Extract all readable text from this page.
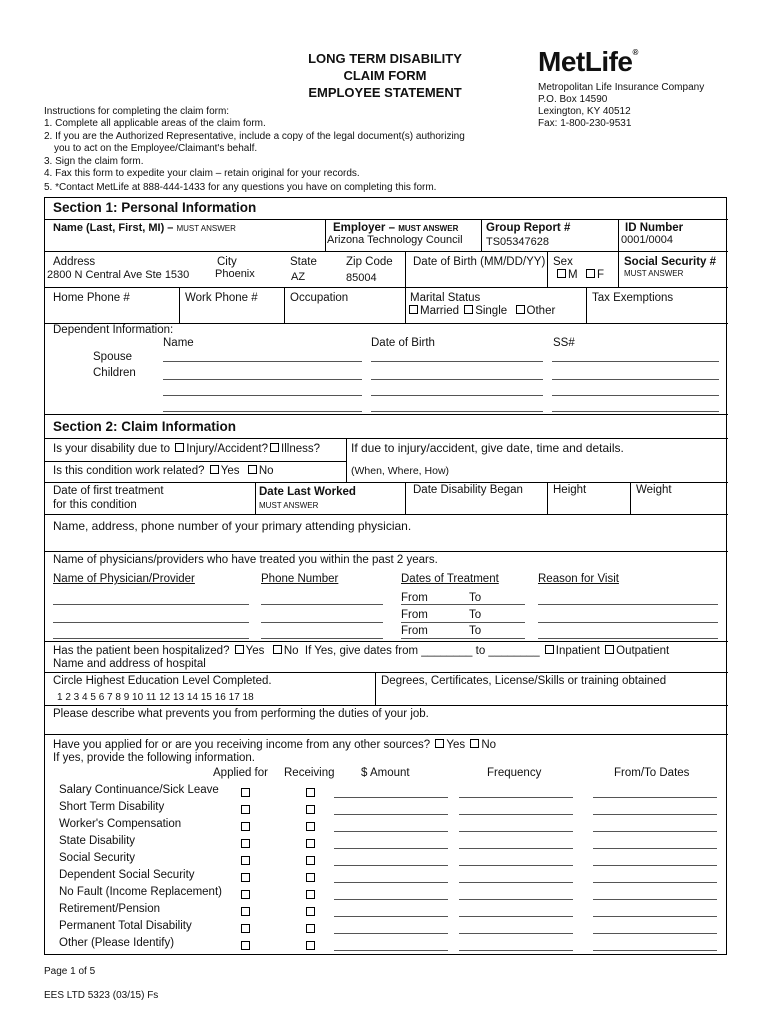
LONG TERM DISABILITY
CLAIM FORM
EMPLOYEE STATEMENT
MetLife®
Metropolitan Life Insurance Company
P.O. Box 14590
Lexington, KY 40512
Fax: 1-800-230-9531
Instructions for completing the claim form:
1. Complete all applicable areas of the claim form.
2. If you are the Authorized Representative, include a copy of the legal document(s) authorizing
you to act on the Employee/Claimant's behalf.
3. Sign the claim form.
4. Fax this form to expedite your claim – retain original for your records.
5. *Contact MetLife at 888-444-1433 for any questions you have on completing this form.
Section 1: Personal Information
Name (Last, First, MI) – MUST ANSWER	Employer – MUST ANSWER
Arizona Technology Council
Group Report #
TS05347628
ID Number
0001/0004
Address
2800 N Central Ave Ste 1530
City
Phoenix
State
AZ
Zip Code
85004
Date of Birth (MM/DD/YY) Sex
M F
Social Security #
MUST ANSWER
Home Phone #	Work Phone #	Occupation	Marital Status
Married Single Other
Tax Exemptions
Dependent Information:
Name	Date of Birth	SS#
Spouse
Children
Section 2: Claim Information
Is your disability due to Injury/Accident? Illness?	If due to injury/accident, give date, time and details.
Is this condition work related? Yes No	(When, Where, How)
Date of first treatment
for this condition
Date Last Worked
MUST ANSWER
Date Disability Began	Height	Weight
Name, address, phone number of your primary attending physician.
Name of physicians/providers who have treated you within the past 2 years.
Name of Physician/Provider	Phone Number	Dates of Treatment	Reason for Visit
From	To
From	To
From	To
Has the patient been hospitalized? Yes No If Yes, give dates from ________ to ________ Inpatient Outpatient
Name and address of hospital
Circle Highest Education Level Completed.
1 2 3 4 5 6 7 8 9 10 11 12 13 14 15 16 17 18
Degrees, Certificates, License/Skills or training obtained
Please describe what prevents you from performing the duties of your job.
Have you applied for or are you receiving income from any other sources? Yes No
If yes, provide the following information.
Applied for Receiving $ Amount	Frequency	From/To Dates
Salary Continuance/Sick Leave
Short Term Disability
Worker's Compensation
State Disability
Social Security
Dependent Social Security
No Fault (Income Replacement)
Retirement/Pension
Permanent Total Disability
Other (Please Identify)
Page 1 of 5
EES LTD 5323 (03/15) Fs
